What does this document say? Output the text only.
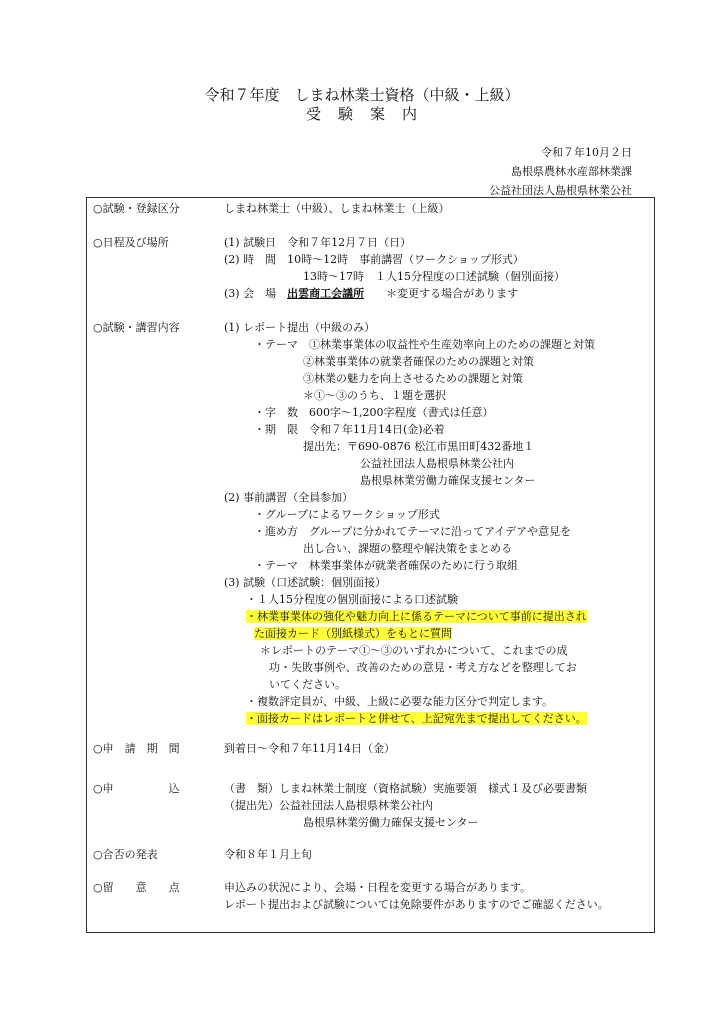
令和７年度　しまね林業士資格（中級・上級）
受　験　案　内
令和７年10月２日
島根県農林水産部林業課
公益社団法人島根県林業公社
○試験・登録区分	しまね林業士（中級）、しまね林業士（上級）
○日程及び場所	(1) 試験日　令和７年12月７日（日）
(2) 時　間　10時～12時　事前講習（ワークショップ形式）
13時～17時　１人15分程度の口述試験（個別面接）
(3) 会　場　出雲商工会議所 ＊変更する場合があります
○試験・講習内容	(1) レポート提出（中級のみ）
・テーマ　①林業事業体の収益性や生産効率向上のための課題と対策
②林業事業体の就業者確保のための課題と対策
③林業の魅力を向上させるための課題と対策
＊①～③のうち、１題を選択
・字　数　600字～1,200字程度（書式は任意）
・期　限　令和７年11月14日(金)必着
提出先：〒690-0876 松江市黒田町432番地１
公益社団法人島根県林業公社内
島根県林業労働力確保支援センター
(2) 事前講習（全員参加）
・グループによるワークショップ形式
・進め方　グループに分かれてテーマに沿ってアイデアや意見を
出し合い、課題の整理や解決策をまとめる
・テーマ　林業事業体が就業者確保のために行う取組
(3) 試験（口述試験：個別面接）
・１人15分程度の個別面接による口述試験
・林業事業体の強化や魅力向上に係るテーマについて事前に提出され
た面接カード（別紙様式）をもとに質問
＊レポートのテーマ①～③のいずれかについて、これまでの成
功・失敗事例や、改善のための意見・考え方などを整理してお
いてください。
・複数評定員が、中級、上級に必要な能力区分で判定します。
・面接カードはレポートと併せて、上記宛先まで提出してください。
○申　請　期　間	到着日～令和７年11月14日（金）
○申　　　　　込	（書　類）しまね林業士制度（資格試験）実施要領　様式１及び必要書類
（提出先）公益社団法人島根県林業公社内
島根県林業労働力確保支援センター
○合否の発表	令和８年１月上旬
○留　　意　　点	申込みの状況により、会場・日程を変更する場合があります。
レポート提出および試験については免除要件がありますのでご確認ください。
